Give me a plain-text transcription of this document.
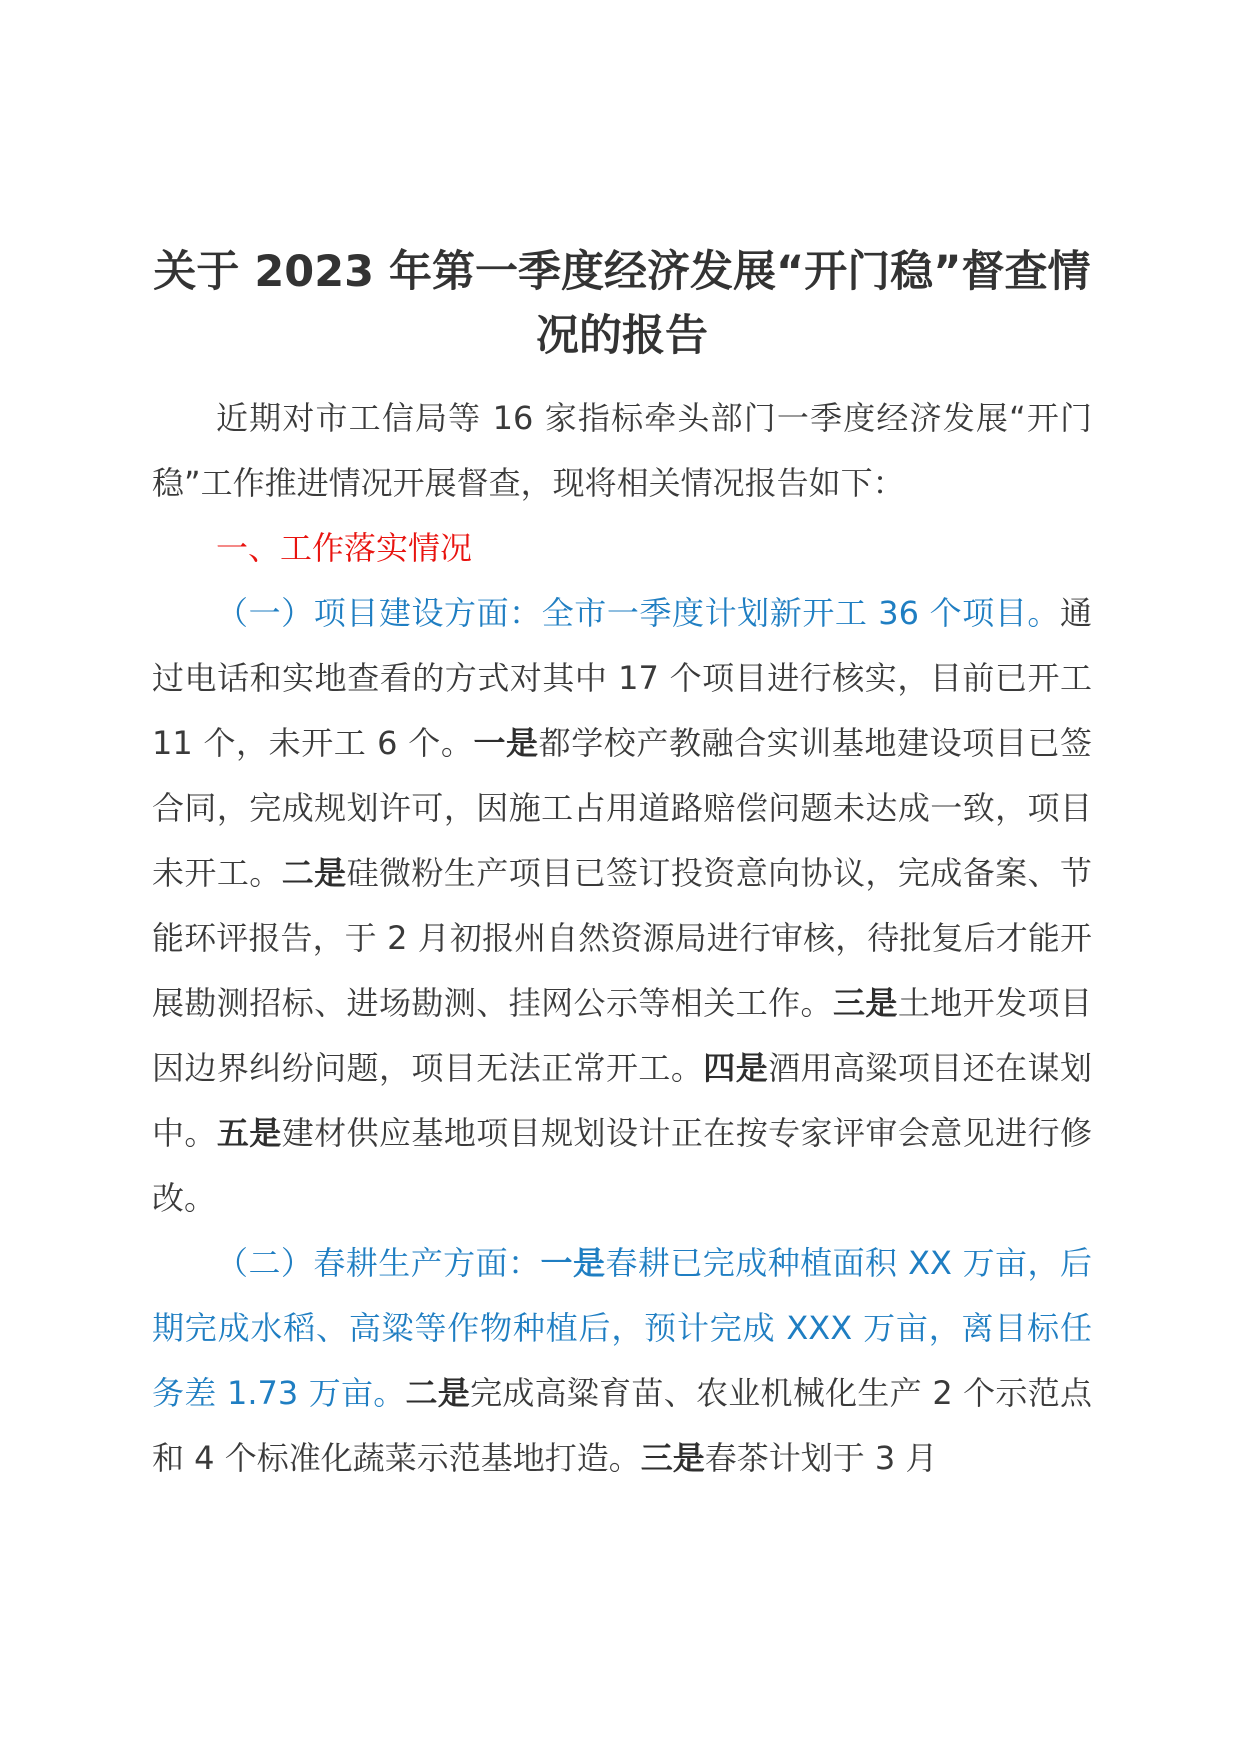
关于 2023 年第一季度经济发展“开门稳”督查情况的报告

近期对市工信局等 16 家指标牵头部门一季度经济发展“开门稳”工作推进情况开展督查，现将相关情况报告如下：

一、工作落实情况

（一）项目建设方面：全市一季度计划新开工 36 个项目。通过电话和实地查看的方式对其中 17 个项目进行核实，目前已开工 11 个，未开工 6 个。一是都学校产教融合实训基地建设项目已签合同，完成规划许可，因施工占用道路赔偿问题未达成一致，项目未开工。二是硅微粉生产项目已签订投资意向协议，完成备案、节能环评报告，于 2 月初报州自然资源局进行审核，待批复后才能开展勘测招标、进场勘测、挂网公示等相关工作。三是土地开发项目因边界纠纷问题，项目无法正常开工。四是酒用高粱项目还在谋划中。五是建材供应基地项目规划设计正在按专家评审会意见进行修改。

（二）春耕生产方面：一是春耕已完成种植面积 XX 万亩，后期完成水稻、高粱等作物种植后，预计完成 XXX 万亩，离目标任务差 1.73 万亩。二是完成高粱育苗、农业机械化生产 2 个示范点和 4 个标准化蔬菜示范基地打造。三是春茶计划于 3 月
